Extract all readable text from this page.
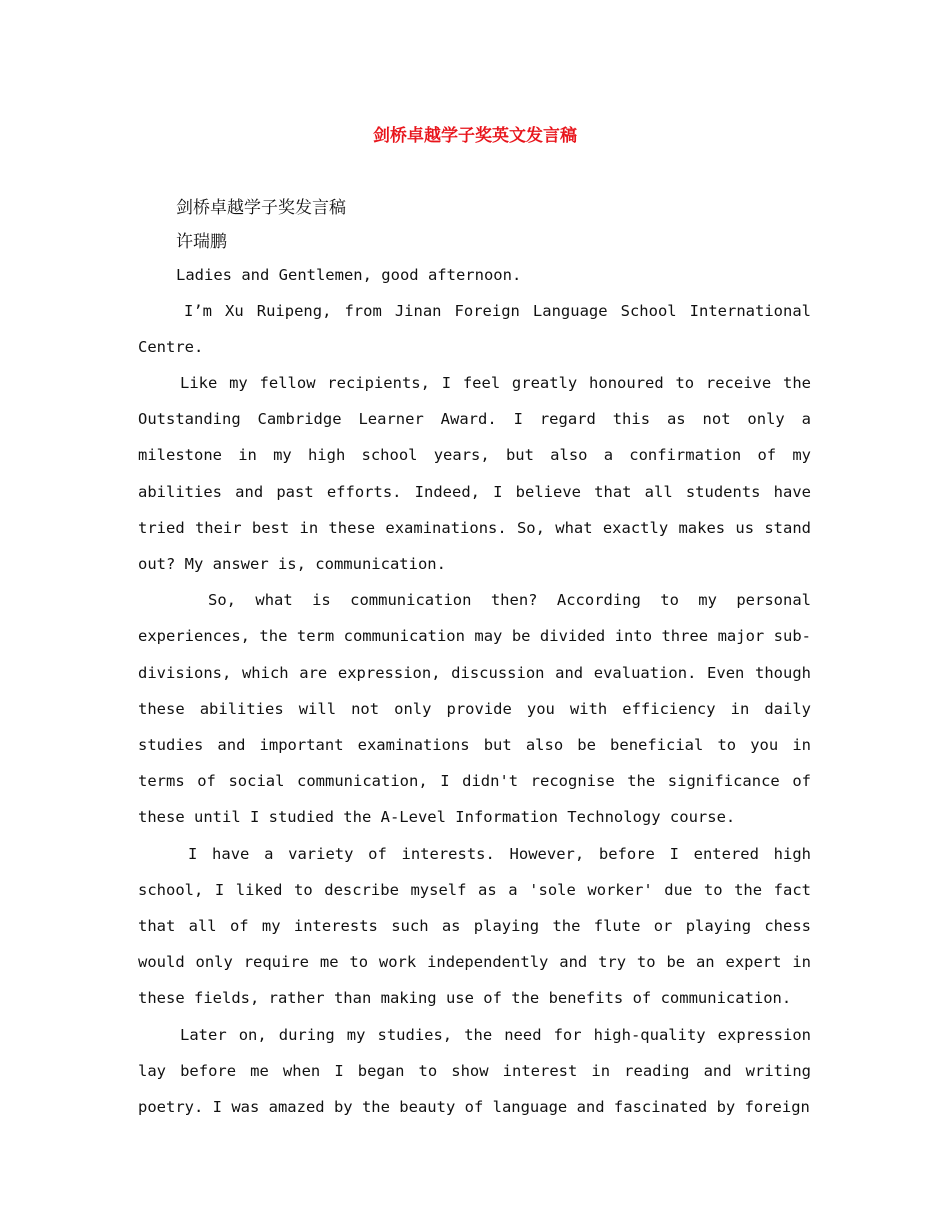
剑桥卓越学子奖英文发言稿
剑桥卓越学子奖发言稿
许瑞鹏
Ladies and Gentlemen, good afternoon.

I’m Xu Ruipeng, from Jinan Foreign Language School International Centre.

Like my fellow recipients, I feel greatly honoured to receive the Outstanding Cambridge Learner Award. I regard this as not only a milestone in my high school years, but also a confirmation of my abilities and past efforts. Indeed, I believe that all students have tried their best in these examinations. So, what exactly makes us stand out? My answer is, communication.

So, what is communication then? According to my personal experiences, the term communication may be divided into three major sub-divisions, which are expression, discussion and evaluation. Even though these abilities will not only provide you with efficiency in daily studies and important examinations but also be beneficial to you in terms of social communication, I didn't recognise the significance of these until I studied the A-Level Information Technology course.

I have a variety of interests. However, before I entered high school, I liked to describe myself as a 'sole worker' due to the fact that all of my interests such as playing the flute or playing chess would only require me to work independently and try to be an expert in these fields, rather than making use of the benefits of communication.

Later on, during my studies, the need for high-quality expression lay before me when I began to show interest in reading and writing poetry. I was amazed by the beauty of language and fascinated by foreign
